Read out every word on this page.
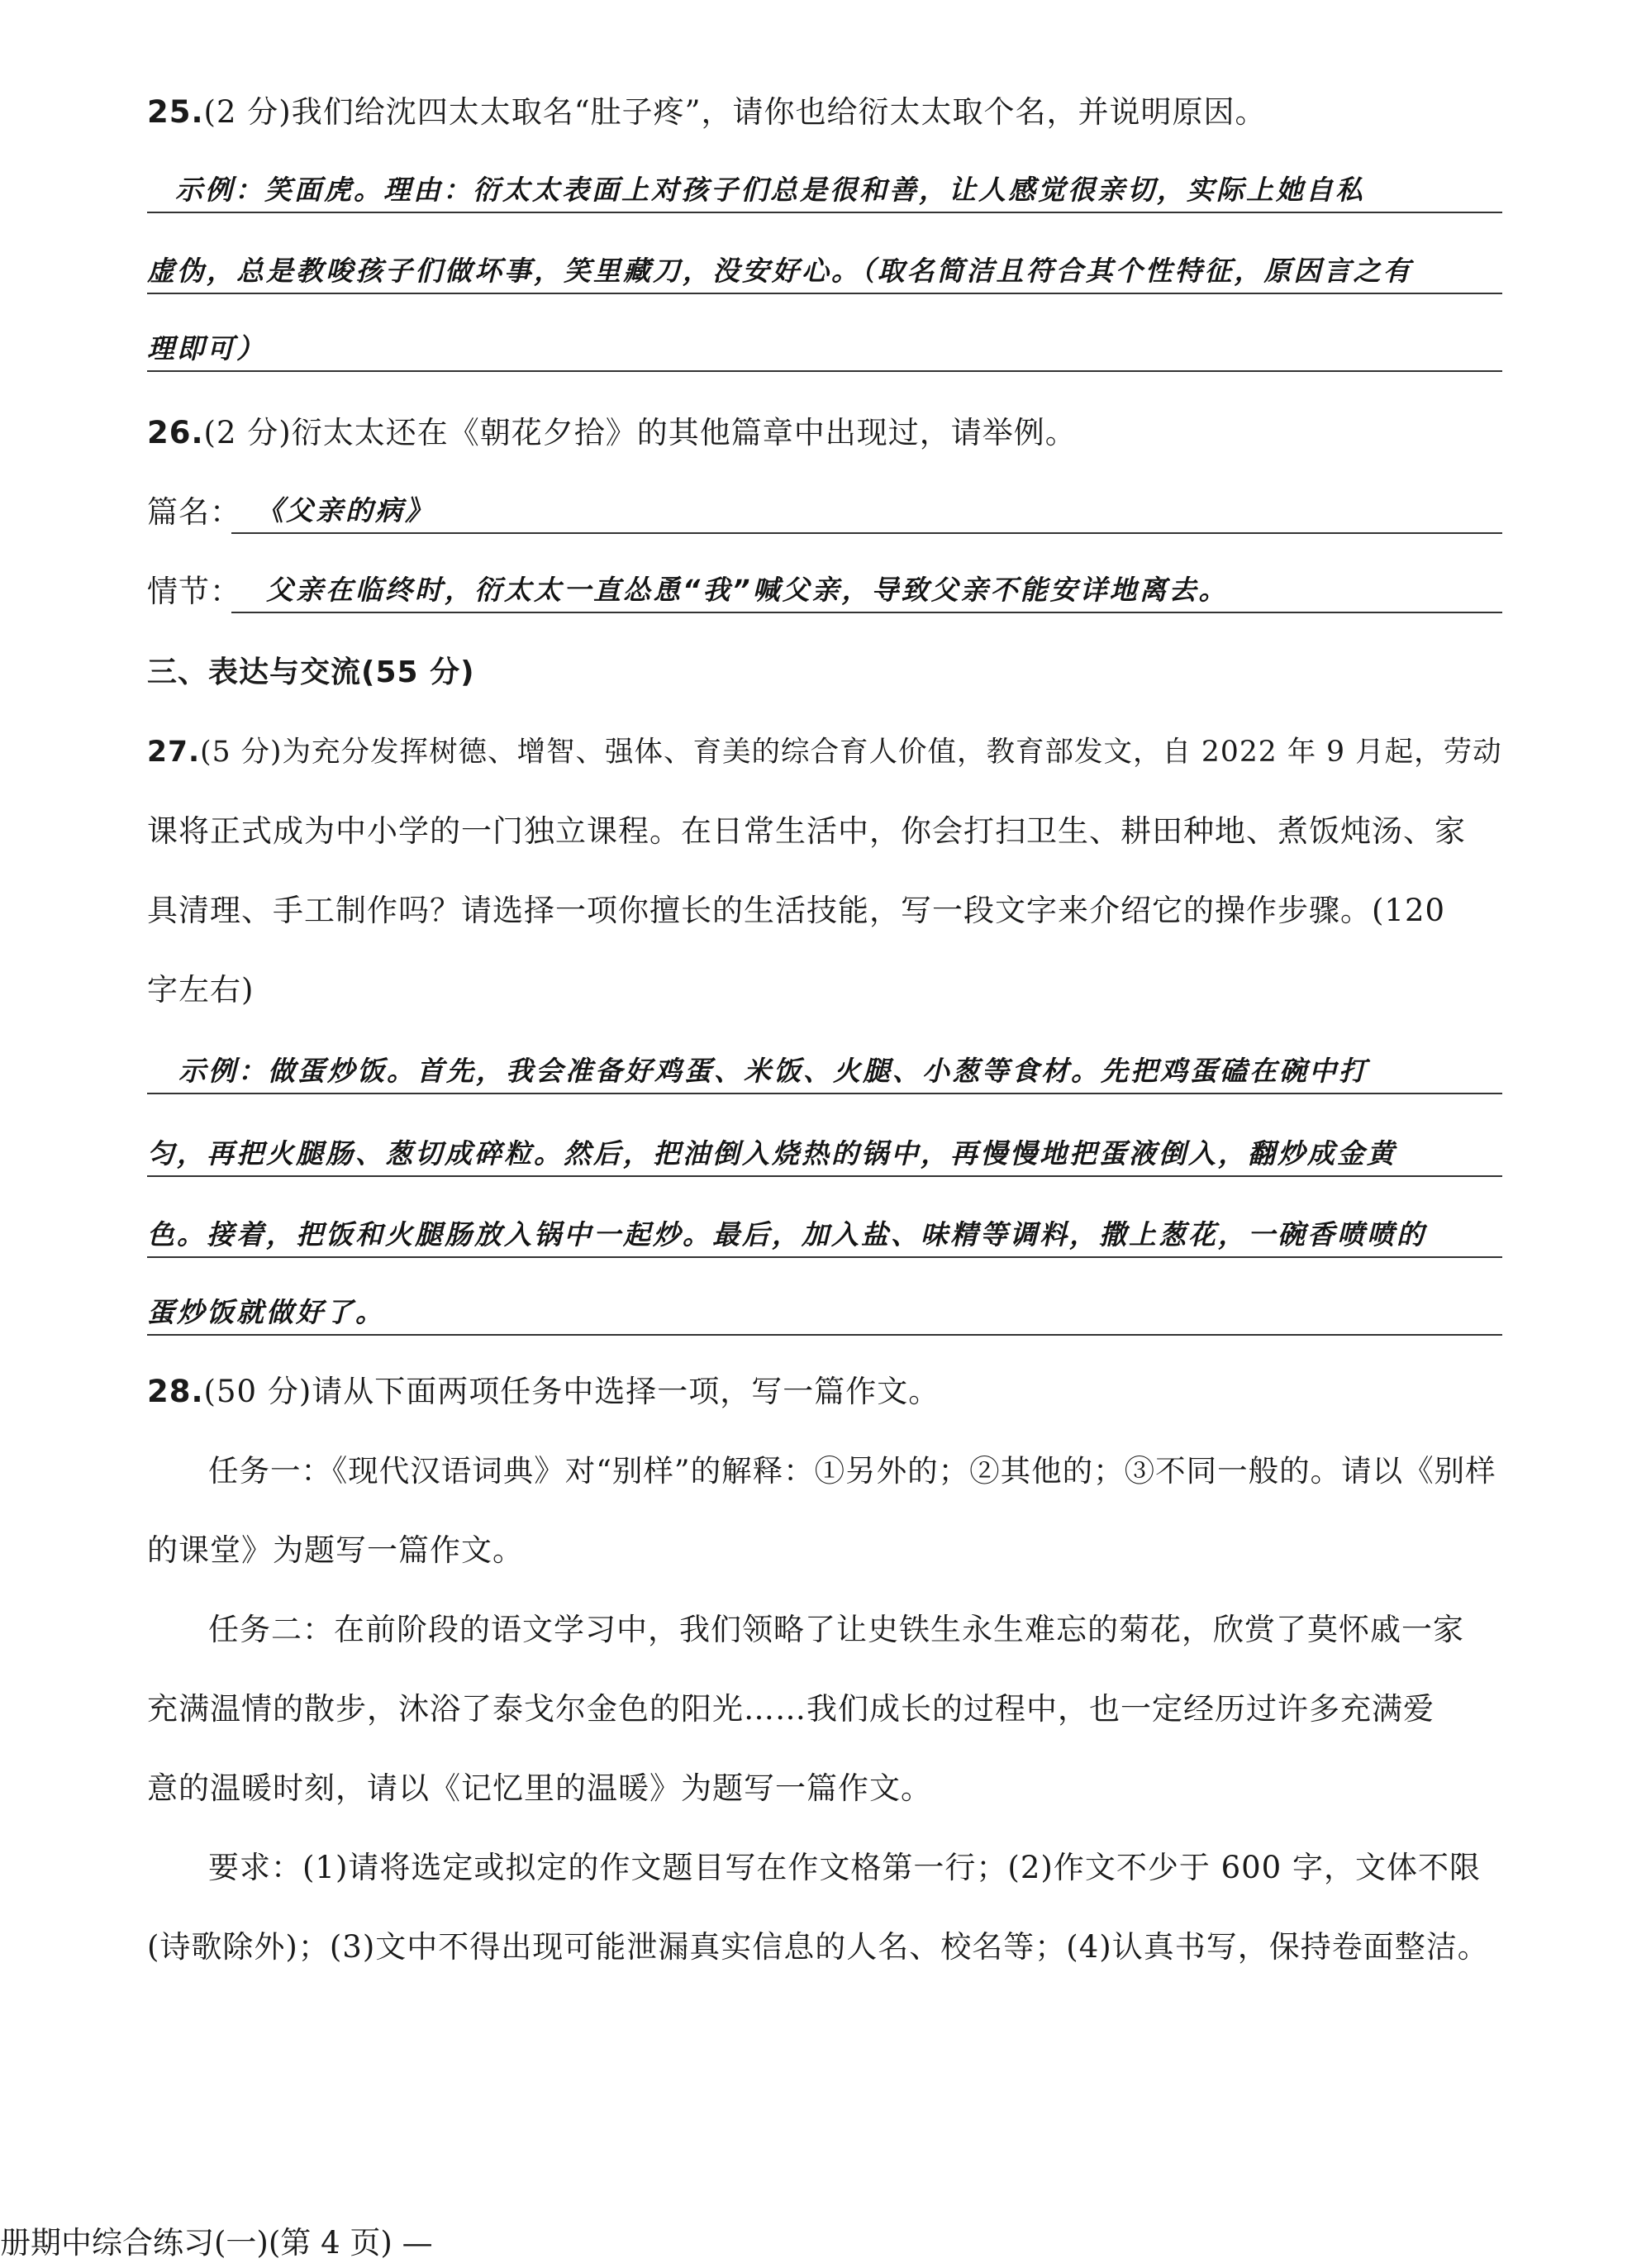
25.(2 分)我们给沈四太太取名“肚子疼”，请你也给衍太太取个名，并说明原因。
示例：笑面虎。理由：衍太太表面上对孩子们总是很和善，让人感觉很亲切，实际上她自私
虚伪，总是教唆孩子们做坏事，笑里藏刀，没安好心。（取名简洁且符合其个性特征，原因言之有
理即可）
26.(2 分)衍太太还在《朝花夕拾》的其他篇章中出现过，请举例。
篇名： 《父亲的病》
情节： 父亲在临终时，衍太太一直怂恿“我”喊父亲，导致父亲不能安详地离去。
三、表达与交流(55 分)
27.(5 分)为充分发挥树德、增智、强体、育美的综合育人价值，教育部发文，自 2022 年 9 月起，劳动
课将正式成为中小学的一门独立课程。在日常生活中，你会打扫卫生、耕田种地、煮饭炖汤、家
具清理、手工制作吗？请选择一项你擅长的生活技能，写一段文字来介绍它的操作步骤。(120
字左右)
示例：做蛋炒饭。首先，我会准备好鸡蛋、米饭、火腿、小葱等食材。先把鸡蛋磕在碗中打
匀，再把火腿肠、葱切成碎粒。然后，把油倒入烧热的锅中，再慢慢地把蛋液倒入，翻炒成金黄
色。接着，把饭和火腿肠放入锅中一起炒。最后，加入盐、味精等调料，撒上葱花，一碗香喷喷的
蛋炒饭就做好了。
28.(50 分)请从下面两项任务中选择一项，写一篇作文。
任务一：《现代汉语词典》对“别样”的解释：①另外的；②其他的；③不同一般的。请以《别样
的课堂》为题写一篇作文。
任务二：在前阶段的语文学习中，我们领略了让史铁生永生难忘的菊花，欣赏了莫怀戚一家
充满温情的散步，沐浴了泰戈尔金色的阳光……我们成长的过程中，也一定经历过许多充满爱
意的温暖时刻，请以《记忆里的温暖》为题写一篇作文。
要求：(1)请将选定或拟定的作文题目写在作文格第一行；(2)作文不少于 600 字，文体不限
(诗歌除外)；(3)文中不得出现可能泄漏真实信息的人名、校名等；(4)认真书写，保持卷面整洁。
册期中综合练习(一)(第 4 页) —
